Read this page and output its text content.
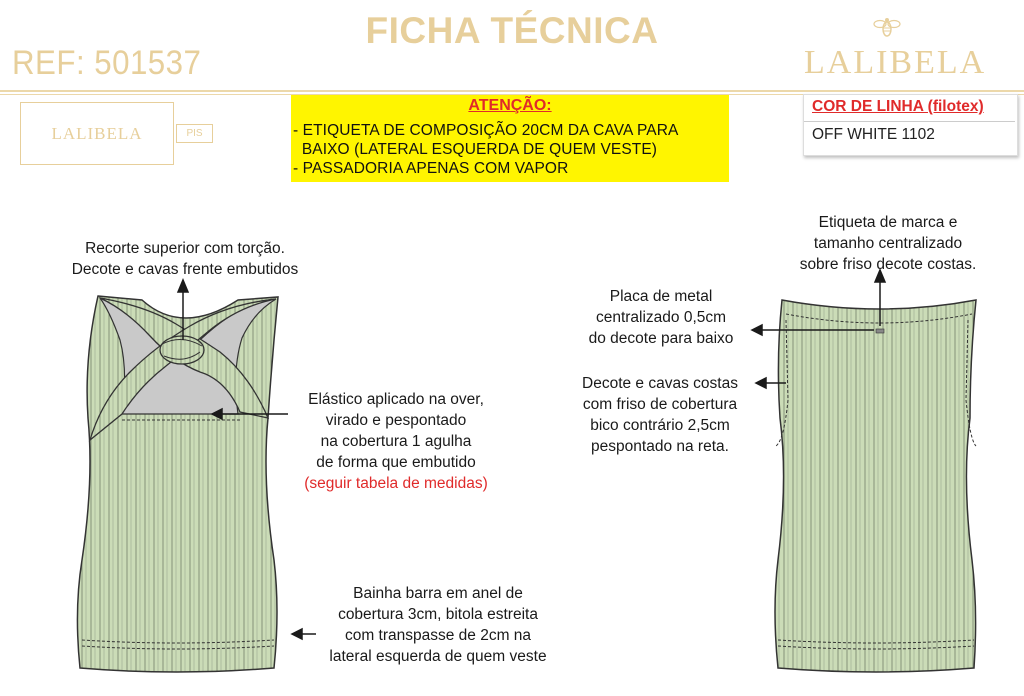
FICHA TÉCNICA
REF: 501537	LALIBELA
LALIBELA	PIS
ATENÇÃO:
- ETIQUETA DE COMPOSIÇÃO 20CM DA CAVA PARA
BAIXO (LATERAL ESQUERDA DE QUEM VESTE)
- PASSADORIA APENAS COM VAPOR
COR DE LINHA (filotex)
OFF WHITE 1102
Recorte superior com torção.
Decote e cavas frente embutidos
Elástico aplicado na over,
virado e pespontado
na cobertura 1 agulha
de forma que embutido
(seguir tabela de medidas)
Bainha barra em anel de
cobertura 3cm, bitola estreita
com transpasse de 2cm na
lateral esquerda de quem veste
Etiqueta de marca e
tamanho centralizado
sobre friso decote costas.
Placa de metal
centralizado 0,5cm
do decote para baixo
Decote e cavas costas
com friso de cobertura
bico contrário 2,5cm
pespontado na reta.
